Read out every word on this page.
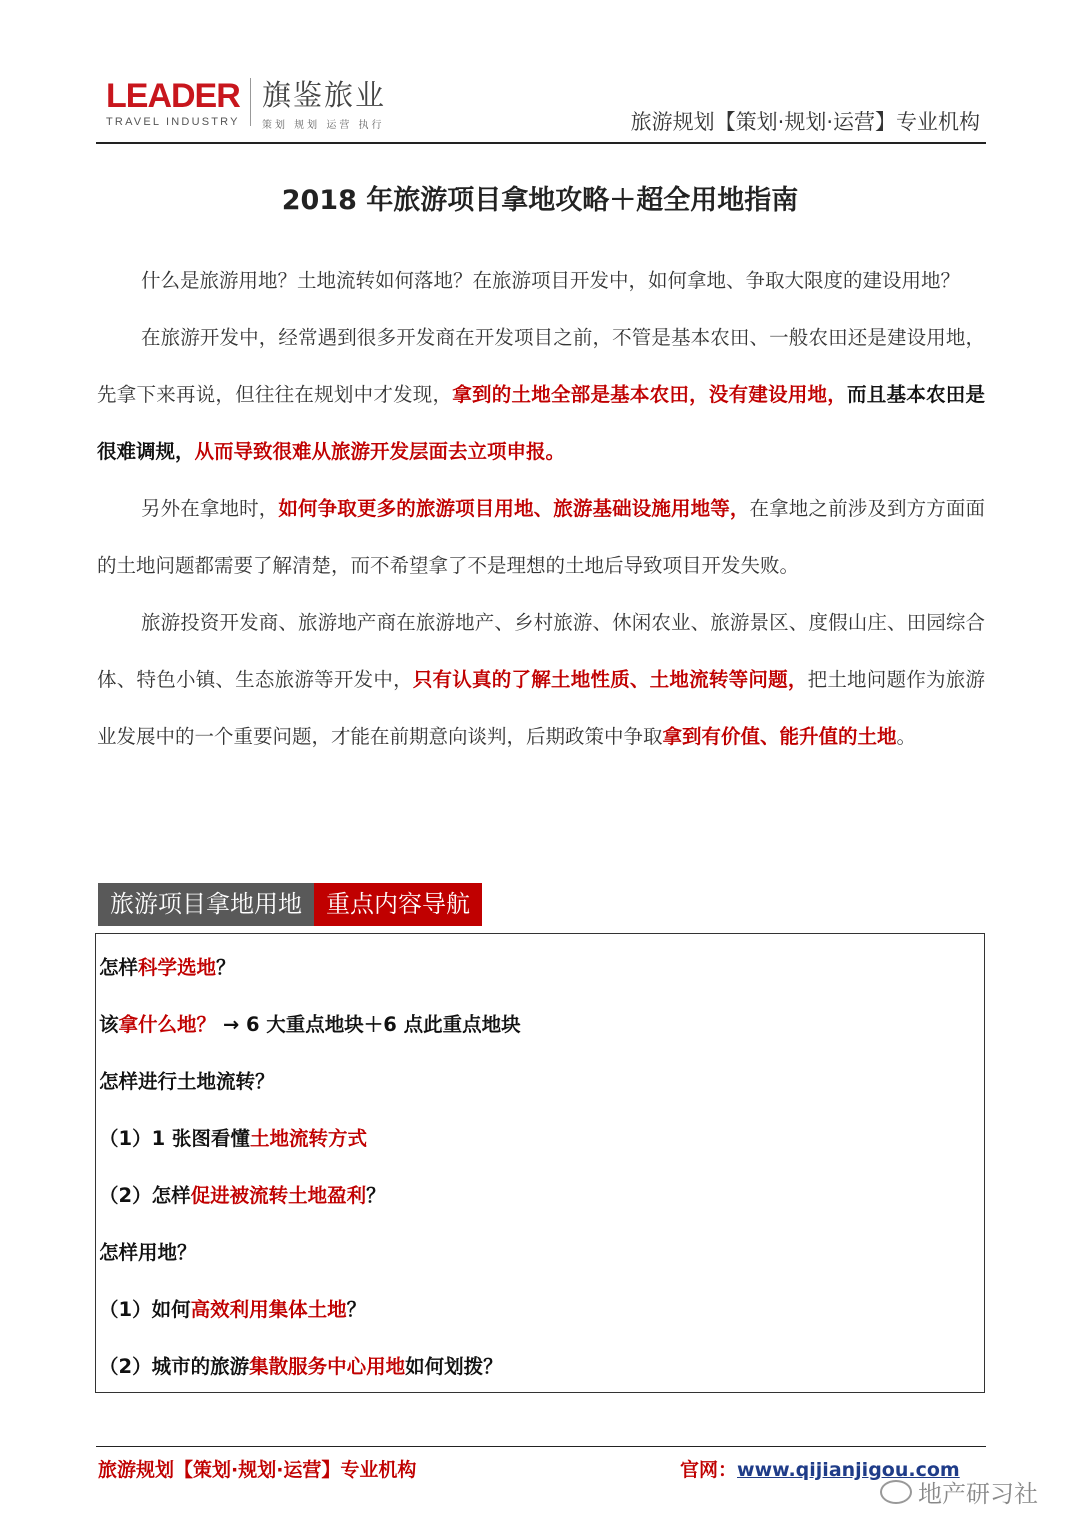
LEADER
TRAVEL INDUSTRY
旗鉴旅业
策划 规划 运营 执行	旅游规划【策划·规划·运营】专业机构
2018 年旅游项目拿地攻略＋超全用地指南

什么是旅游用地？土地流转如何落地？在旅游项目开发中，如何拿地、争取大限度的建设用地？

在旅游开发中，经常遇到很多开发商在开发项目之前，不管是基本农田、一般农田还是建设用地，先拿下来再说，但往往在规划中才发现，拿到的土地全部是基本农田，没有建设用地，而且基本农田是很难调规，从而导致很难从旅游开发层面去立项申报。

另外在拿地时，如何争取更多的旅游项目用地、旅游基础设施用地等，在拿地之前涉及到方方面面的土地问题都需要了解清楚，而不希望拿了不是理想的土地后导致项目开发失败。

旅游投资开发商、旅游地产商在旅游地产、乡村旅游、休闲农业、旅游景区、度假山庄、田园综合体、特色小镇、生态旅游等开发中，只有认真的了解土地性质、土地流转等问题，把土地问题作为旅游业发展中的一个重要问题，才能在前期意向谈判，后期政策中争取拿到有价值、能升值的土地。

旅游项目拿地用地	重点内容导航
怎样科学选地？
该拿什么地？ → 6 大重点地块＋6 点此重点地块
怎样进行土地流转？
（1）1 张图看懂土地流转方式
（2）怎样促进被流转土地盈利？
怎样用地？
（1）如何高效利用集体土地？
（2）城市的旅游集散服务中心用地如何划拨？
旅游规划【策划·规划·运营】专业机构	官网：www.qijianjigou.com
地产研习社
